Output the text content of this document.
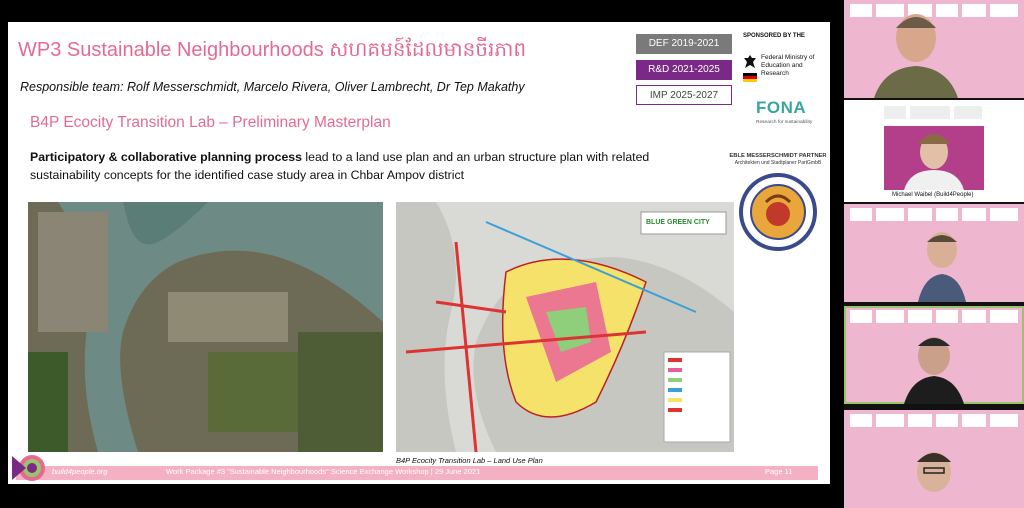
WP3 Sustainable Neighbourhoods សហគមន៍ដែលមានចីរភាព
Responsible team: Rolf Messerschmidt, Marcelo Rivera, Oliver Lambrecht, Dr Tep Makathy
B4P Ecocity Transition Lab – Preliminary Masterplan
Participatory & collaborative planning process lead to a land use plan and an urban structure plan with related sustainability concepts for the identified case study area in Chbar Ampov district
DEF 2019-2021
R&D 2021-2025
IMP 2025-2027
SPONSORED BY THE
Federal Ministry of Education and Research
FONA
Research for sustainability
EBLE MESSERSCHMIDT PARTNER
Architekten und Stadtplaner PartGmbB
BLUE GREEN CITY
B4P Ecocity Transition Lab – Land Use Plan
build4people.org	Work Package #3 "Sustainable Neighbourhoods" Science Exchange Workshop | 29 June 2021	Page 11
Michael Waibel (Build4People)
